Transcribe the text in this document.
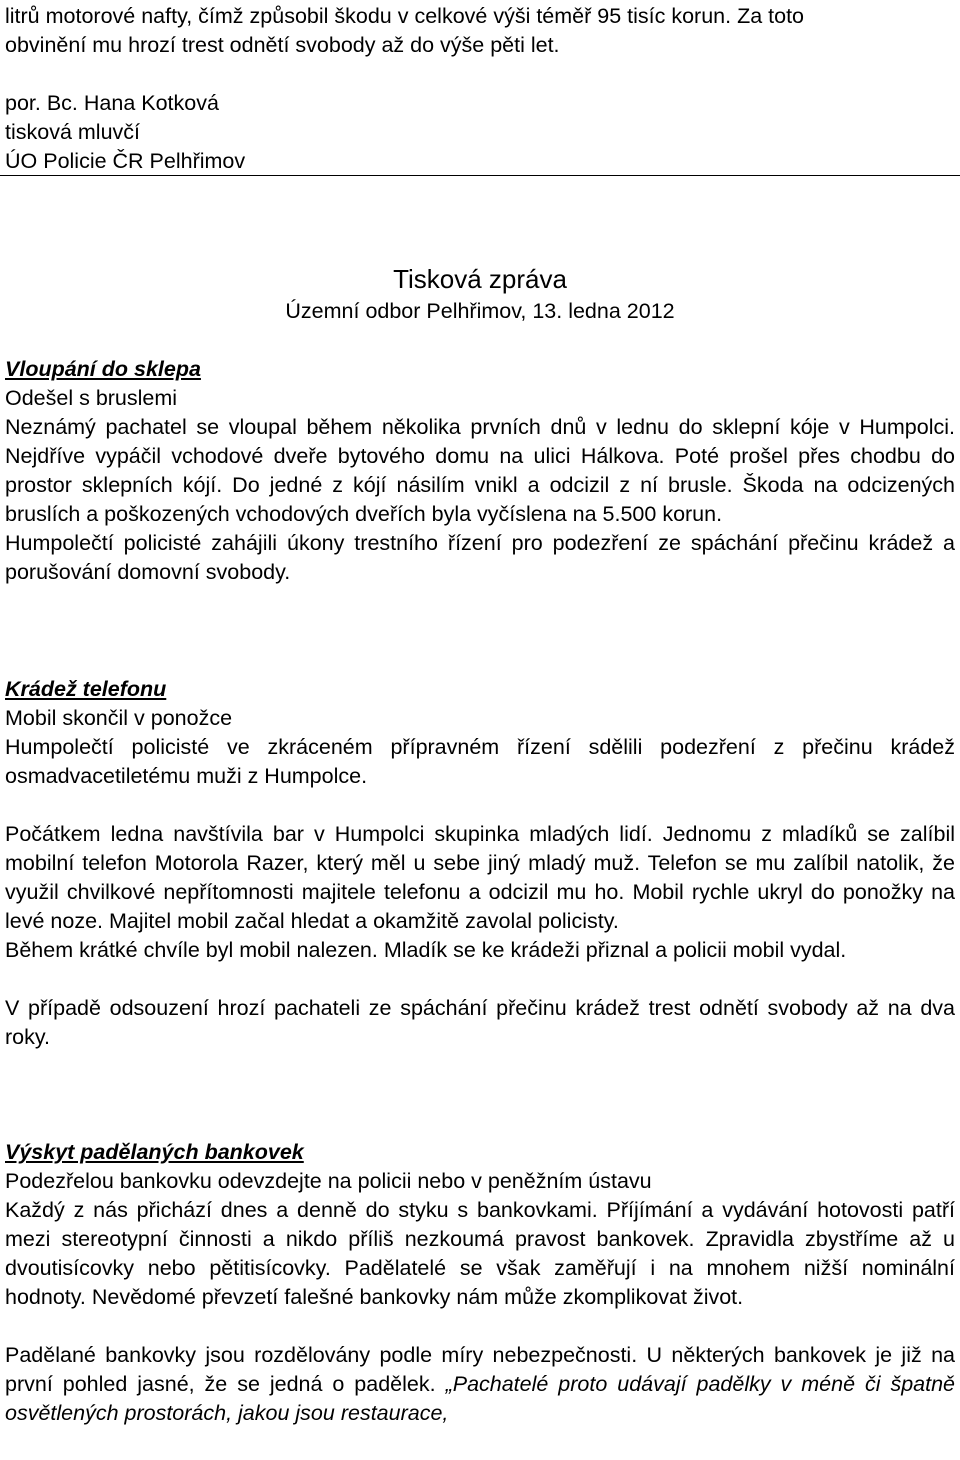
litrů motorové nafty, čímž způsobil škodu v celkové výši téměř 95 tisíc korun. Za toto

obvinění mu hrozí trest odnětí svobody až do výše pěti let.

por. Bc. Hana Kotková

tisková mluvčí

ÚO Policie ČR Pelhřimov

Tisková zpráva
Územní odbor Pelhřimov, 13. ledna 2012

Vloupání do sklepa

Odešel s bruslemi

Neznámý pachatel se vloupal během několika prvních dnů v lednu do sklepní kóje v Humpolci. Nejdříve vypáčil vchodové dveře bytového domu na ulici Hálkova. Poté prošel přes chodbu do prostor sklepních kójí. Do jedné z kójí násilím vnikl a odcizil z ní brusle. Škoda na odcizených bruslích a poškozených vchodových dveřích byla vyčíslena na 5.500 korun.

Humpolečtí policisté zahájili úkony trestního řízení pro podezření ze spáchání přečinu krádež a porušování domovní svobody.

Krádež telefonu

Mobil skončil v ponožce

Humpolečtí policisté ve zkráceném přípravném řízení sdělili podezření z přečinu krádež osmadvacetiletému muži z Humpolce.

Počátkem ledna navštívila bar v Humpolci skupinka mladých lidí. Jednomu z mladíků se zalíbil mobilní telefon Motorola Razer, který měl u sebe jiný mladý muž. Telefon se mu zalíbil natolik, že využil chvilkové nepřítomnosti majitele telefonu a odcizil mu ho. Mobil rychle ukryl do ponožky na levé noze. Majitel mobil začal hledat a okamžitě zavolal policisty.

Během krátké chvíle byl mobil nalezen. Mladík se ke krádeži přiznal a policii mobil vydal.

V případě odsouzení hrozí pachateli ze spáchání přečinu krádež trest odnětí svobody až na dva roky.

Výskyt padělaných bankovek

Podezřelou bankovku odevzdejte na policii nebo v peněžním ústavu

Každý z nás přichází dnes a denně do styku s bankovkami. Příjímání a vydávání hotovosti patří mezi stereotypní činnosti a nikdo příliš nezkoumá pravost bankovek. Zpravidla zbystříme až u dvoutisícovky nebo pětitisícovky. Padělatelé se však zaměřují i na mnohem nižší nominální hodnoty. Nevědomé převzetí falešné bankovky nám může zkomplikovat život.

Padělané bankovky jsou rozdělovány podle míry nebezpečnosti. U některých bankovek je již na první pohled jasné, že se jedná o padělek. „Pachatelé proto udávají padělky v méně či špatně osvětlených prostorách, jakou jsou restaurace,
